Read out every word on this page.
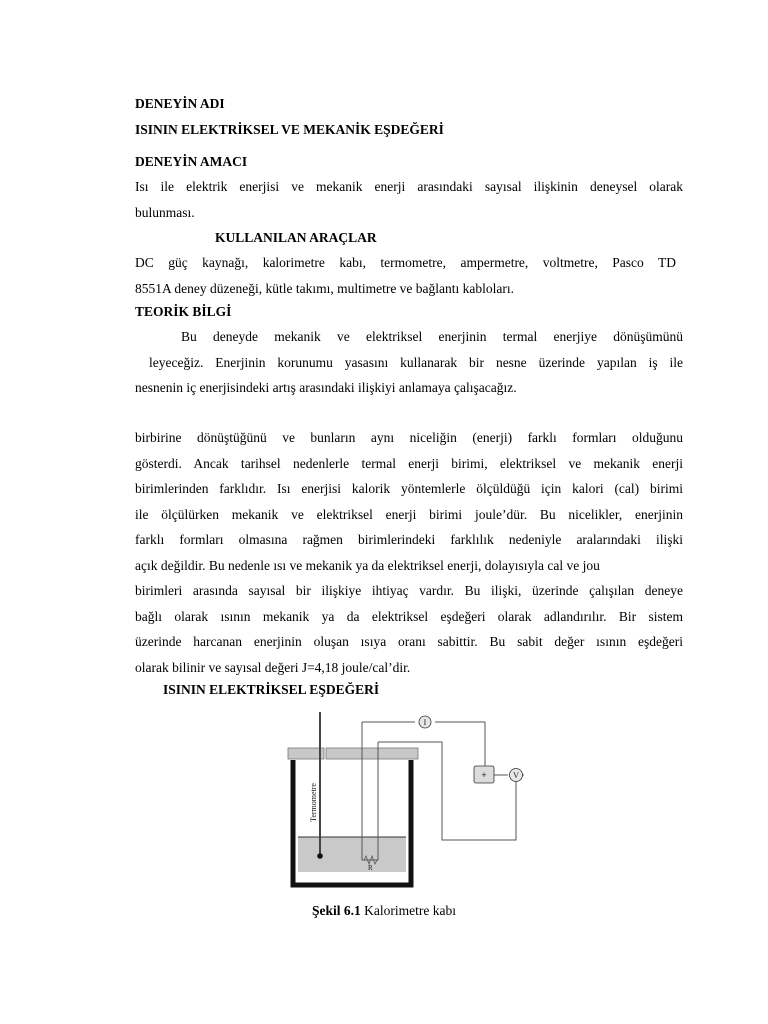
DENEYİN ADI
ISININ ELEKTRİKSEL VE MEKANİK EŞDEĞERİ
DENEYİN AMACI
Isı ile elektrik enerjisi ve mekanik enerji arasındaki sayısal ilişkinin deneysel olarak
bulunması.
KULLANILAN ARAÇLAR
DC güç kaynağı, kalorimetre kabı, termometre, ampermetre, voltmetre, Pasco TD
8551A deney düzeneği, kütle takımı, multimetre ve bağlantı kabloları.
TEORİK BİLGİ
Bu deneyde mekanik ve elektriksel enerjinin termal enerjiye dönüşümünü
leyeceğiz. Enerjinin korunumu yasasını kullanarak bir nesne üzerinde yapılan iş ile
nesnenin iç enerjisindeki artış arasındaki ilişkiyi anlamaya çalışacağız.
birbirine dönüştüğünü ve bunların aynı niceliğin (enerji) farklı formları olduğunu
gösterdi. Ancak tarihsel nedenlerle termal enerji birimi, elektriksel ve mekanik enerji
birimlerinden farklıdır. Isı enerjisi kalorik yöntemlerle ölçüldüğü için kalori (cal) birimi
ile ölçülürken mekanik ve elektriksel enerji birimi joule’dür. Bu nicelikler, enerjinin
farklı formları olmasına rağmen birimlerindeki farklılık nedeniyle aralarındaki ilişki
açık değildir. Bu nedenle ısı ve mekanik ya da elektriksel enerji, dolayısıyla cal ve jou
birimleri arasında sayısal bir ilişkiye ihtiyaç vardır. Bu ilişki, üzerinde çalışılan deneye
bağlı olarak ısının mekanik ya da elektriksel eşdeğeri olarak adlandırılır. Bir sistem
üzerinde harcanan enerjinin oluşan ısıya oranı sabittir. Bu sabit değer ısının eşdeğeri
olarak bilinir ve sayısal değeri J=4,18 joule/cal’dir.
ISININ ELEKTRİKSEL EŞDEĞERİ
Termometre
R
I
+	V
Şekil 6.1 Kalorimetre kabı
